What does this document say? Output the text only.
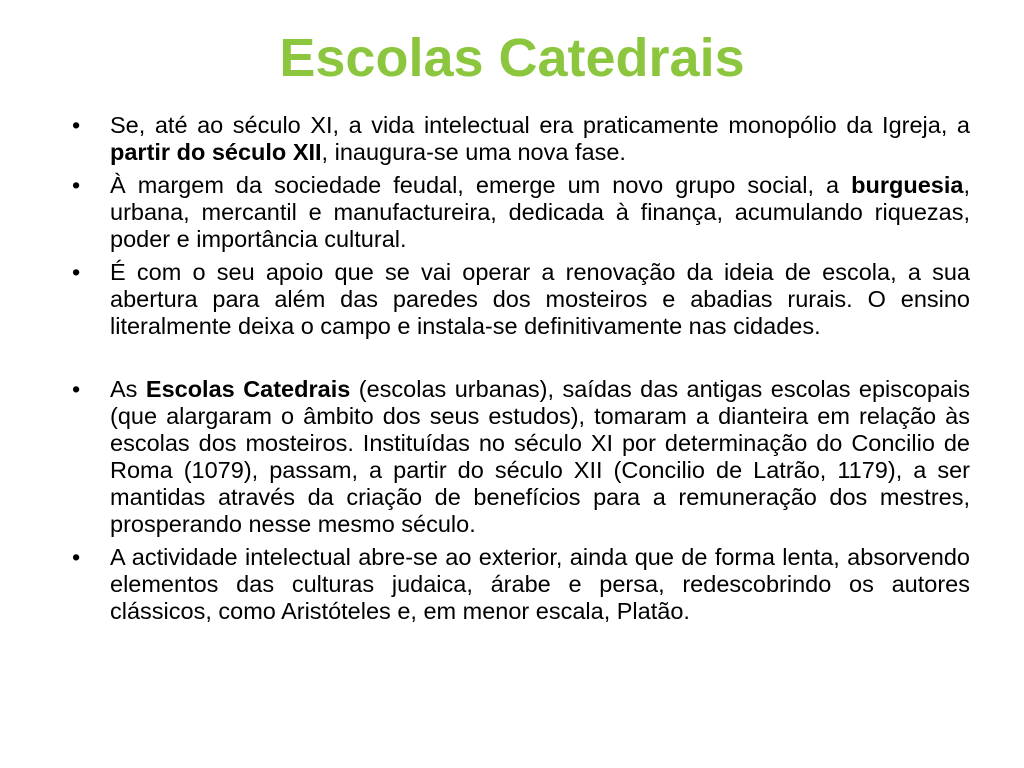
Escolas Catedrais
•	Se, até ao século XI, a vida intelectual era praticamente monopólio da Igreja, a partir do século XII, inaugura-se uma nova fase.
•	À margem da sociedade feudal, emerge um novo grupo social, a burguesia, urbana, mercantil e manufactureira, dedicada à finança, acumulando riquezas, poder e importância cultural.
•	É com o seu apoio que se vai operar a renovação da ideia de escola, a sua abertura para além das paredes dos mosteiros e abadias rurais. O ensino literalmente deixa o campo e instala-se definitivamente nas cidades.
•	As Escolas Catedrais (escolas urbanas), saídas das antigas escolas episcopais (que alargaram o âmbito dos seus estudos), tomaram a dianteira em relação às escolas dos mosteiros. Instituídas no século XI por determinação do Concilio de Roma (1079), passam, a partir do século XII (Concilio de Latrão, 1179), a ser mantidas através da criação de benefícios para a remuneração dos mestres, prosperando nesse mesmo século.
•	A actividade intelectual abre-se ao exterior, ainda que de forma lenta, absorvendo elementos das culturas judaica, árabe e persa, redescobrindo os autores clássicos, como Aristóteles e, em menor escala, Platão.
